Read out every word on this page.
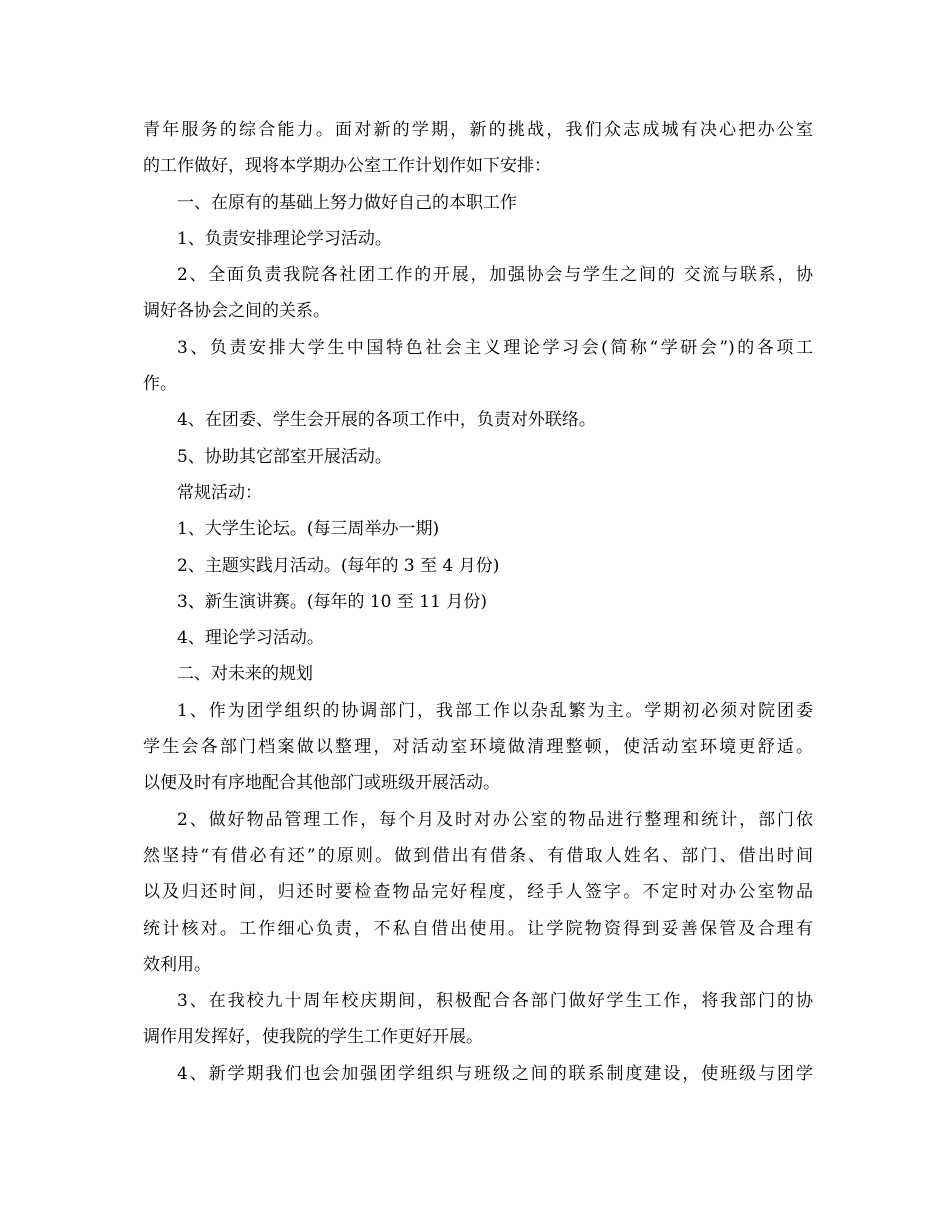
青年服务的综合能力。面对新的学期，新的挑战，我们众志成城有决心把办公室
的工作做好，现将本学期办公室工作计划作如下安排：
一、在原有的基础上努力做好自己的本职工作
1、负责安排理论学习活动。
2、全面负责我院各社团工作的开展，加强协会与学生之间的 交流与联系，协
调好各协会之间的关系。
3、负责安排大学生中国特色社会主义理论学习会(简称“学研会”)的各项工
作。
4、在团委、学生会开展的各项工作中，负责对外联络。
5、协助其它部室开展活动。
常规活动：
1、大学生论坛。(每三周举办一期)
2、主题实践月活动。(每年的 3 至 4 月份)
3、新生演讲赛。(每年的 10 至 11 月份)
4、理论学习活动。
二、对未来的规划
1、作为团学组织的协调部门，我部工作以杂乱繁为主。学期初必须对院团委
学生会各部门档案做以整理，对活动室环境做清理整顿，使活动室环境更舒适。
以便及时有序地配合其他部门或班级开展活动。
2、做好物品管理工作，每个月及时对办公室的物品进行整理和统计，部门依
然坚持“有借必有还”的原则。做到借出有借条、有借取人姓名、部门、借出时间
以及归还时间，归还时要检查物品完好程度，经手人签字。不定时对办公室物品
统计核对。工作细心负责，不私自借出使用。让学院物资得到妥善保管及合理有
效利用。
3、在我校九十周年校庆期间，积极配合各部门做好学生工作，将我部门的协
调作用发挥好，使我院的学生工作更好开展。
4、新学期我们也会加强团学组织与班级之间的联系制度建设，使班级与团学
